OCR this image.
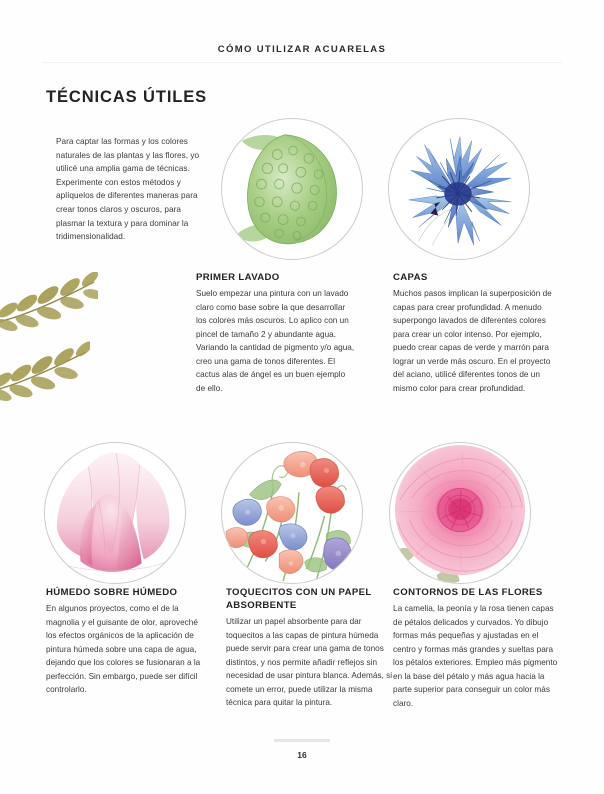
CÓMO UTILIZAR ACUARELAS
TÉCNICAS ÚTILES

Para captar las formas y los colores naturales de las plantas y las flores, yo utilicé una amplia gama de técnicas. Experimente con estos métodos y aplíquelos de diferentes maneras para crear tonos claros y oscuros, para plasmar la textura y para dominar la tridimensionalidad.

PRIMER LAVADO

Suelo empezar una pintura con un lavado claro como base sobre la que desarrollar los colores más oscuros. Lo aplico con un pincel de tamaño 2 y abundante agua. Variando la cantidad de pigmento y/o agua, creo una gama de tonos diferentes. El cactus alas de ángel es un buen ejemplo de ello.

CAPAS

Muchos pasos implican la superposición de capas para crear profundidad. A menudo superpongo lavados de diferentes colores para crear un color intenso. Por ejemplo, puedo crear capas de verde y marrón para lograr un verde más oscuro. En el proyecto del aciano, utilicé diferentes tonos de un mismo color para crear profundidad.

HÚMEDO SOBRE HÚMEDO

En algunos proyectos, como el de la magnolia y el guisante de olor, aproveché los efectos orgánicos de la aplicación de pintura húmeda sobre una capa de agua, dejando que los colores se fusionaran a la perfección. Sin embargo, puede ser difícil controlarlo.

TOQUECITOS CON UN PAPEL ABSORBENTE

Utilizar un papel absorbente para dar toquecitos a las capas de pintura húmeda puede servir para crear una gama de tonos distintos, y nos permite añadir reflejos sin necesidad de usar pintura blanca. Además, si comete un error, puede utilizar la misma técnica para quitar la pintura.

CONTORNOS DE LAS FLORES

La camelia, la peonía y la rosa tienen capas de pétalos delicados y curvados. Yo dibujo formas más pequeñas y ajustadas en el centro y formas más grandes y sueltas para los pétalos exteriores. Empleo más pigmento en la base del pétalo y más agua hacia la parte superior para conseguir un color más claro.

16
